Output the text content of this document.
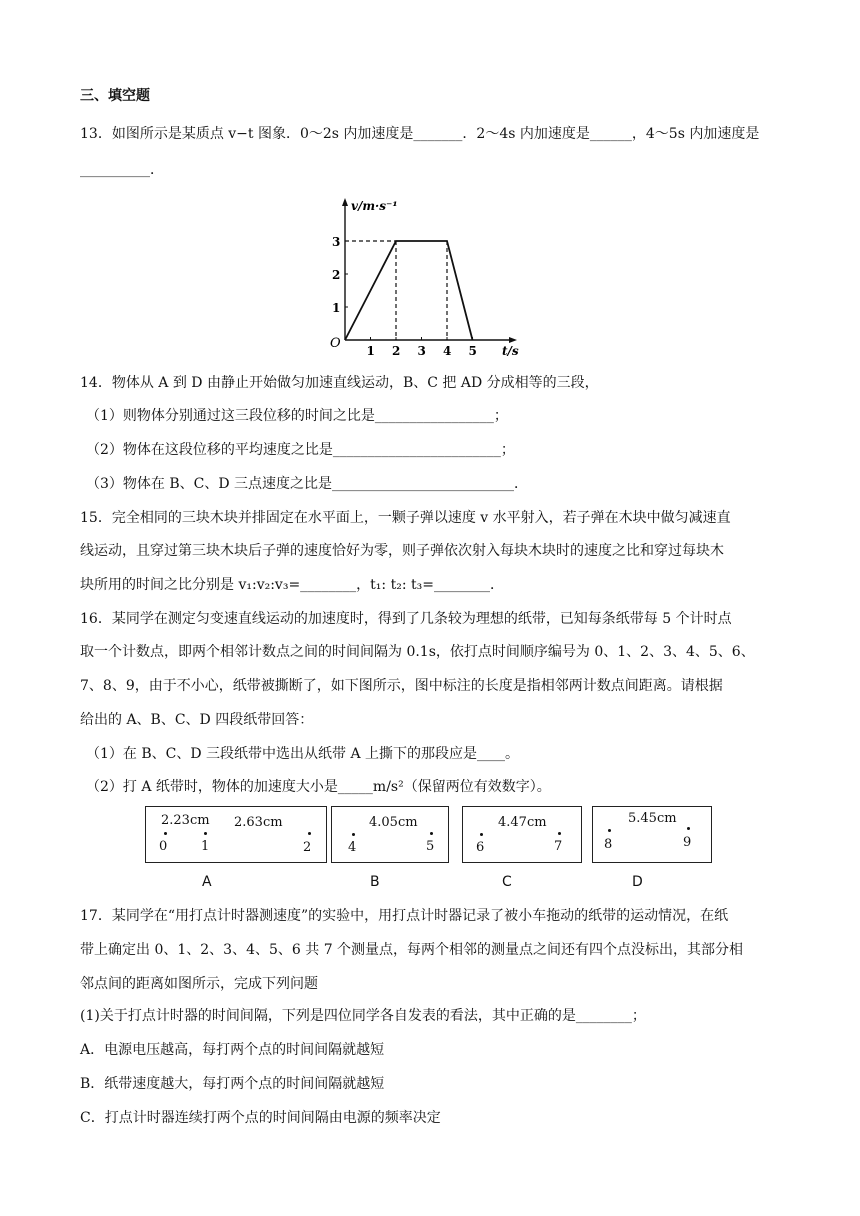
三、填空题
13．如图所示是某质点 v−t 图象．0～2s 内加速度是_______．2～4s 内加速度是______，4～5s 内加速度是
__________．
1 2 3 4 5
1
2
3
v/m·s⁻¹
t/s
O
14．物体从 A 到 D 由静止开始做匀加速直线运动，B、C 把 AD 分成相等的三段，
（1）则物体分别通过这三段位移的时间之比是_________________；
（2）物体在这段位移的平均速度之比是________________________；
（3）物体在 B、C、D 三点速度之比是__________________________．
15．完全相同的三块木块并排固定在水平面上，一颗子弹以速度 v 水平射入，若子弹在木块中做匀减速直
线运动，且穿过第三块木块后子弹的速度恰好为零，则子弹依次射入每块木块时的速度之比和穿过每块木
块所用的时间之比分别是 v₁:v₂:v₃=________，t₁: t₂: t₃=________．
16．某同学在测定匀变速直线运动的加速度时，得到了几条较为理想的纸带，已知每条纸带每 5 个计时点
取一个计数点，即两个相邻计数点之间的时间间隔为 0.1s，依打点时间顺序编号为 0、1、2、3、4、5、6、
7、8、9，由于不小心，纸带被撕断了，如下图所示，图中标注的长度是指相邻两计数点间距离。请根据
给出的 A、B、C、D 四段纸带回答：
（1）在 B、C、D 三段纸带中选出从纸带 A 上撕下的那段应是____。
（2）打 A 纸带时，物体的加速度大小是_____m/s²（保留两位有效数字）。
2.23cm 2.63cm
0	1	2
4.05cm
4	5
4.47cm
6	7
5.45cm
8	9
A	B	C	D
17．某同学在“用打点计时器测速度”的实验中，用打点计时器记录了被小车拖动的纸带的运动情况，在纸
带上确定出 0、1、2、3、4、5、6 共 7 个测量点，每两个相邻的测量点之间还有四个点没标出，其部分相
邻点间的距离如图所示，完成下列问题
(1)关于打点计时器的时间间隔，下列是四位同学各自发表的看法，其中正确的是________；
A．电源电压越高，每打两个点的时间间隔就越短
B．纸带速度越大，每打两个点的时间间隔就越短
C．打点计时器连续打两个点的时间间隔由电源的频率决定
